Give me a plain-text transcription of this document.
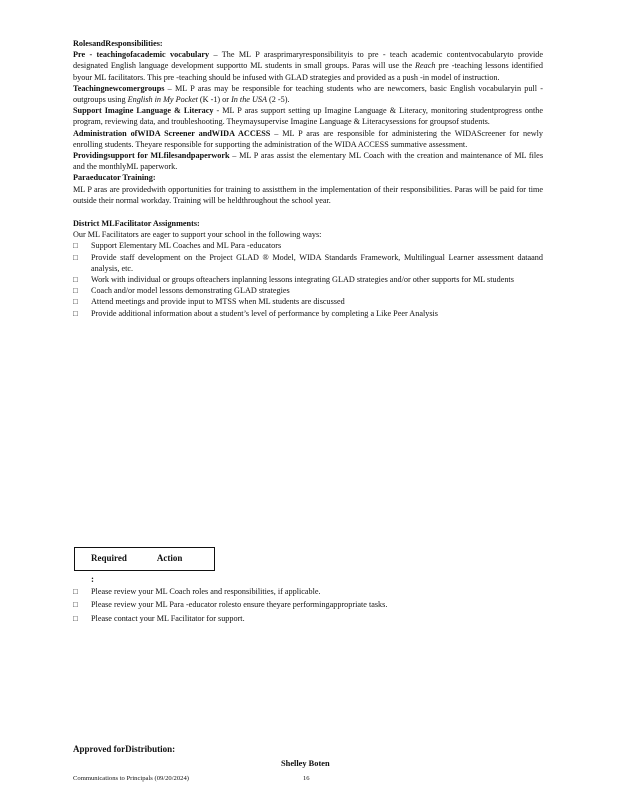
RolesandResponsibilities:

Pre - teachingofacademic vocabulary – The ML P arasprimaryresponsibilityis to pre - teach academic contentvocabularyto provide designated English language development supportto ML students in small groups. Paras will use the Reach pre -teaching lessons identified byour ML facilitators. This pre -teaching should be infused with GLAD strategies and provided as a push -in model of instruction.

Teachingnewcomergroups – ML P aras may be responsible for teaching students who are newcomers, basic English vocabularyin pull -outgroups using English in My Pocket (K -1) or In the USA (2 -5).

Support Imagine Language & Literacy - ML P aras support setting up Imagine Language & Literacy, monitoring studentprogress onthe program, reviewing data, and troubleshooting. Theymaysupervise Imagine Language & Literacysessions for groupsof students.

Administration ofWIDA Screener andWIDA ACCESS – ML P aras are responsible for administering the WIDAScreener for newly enrolling students. Theyare responsible for supporting the administration of the WIDA ACCESS summative assessment.

Providingsupport for MLfilesandpaperwork – ML P aras assist the elementary ML Coach with the creation and maintenance of ML files and the monthlyML paperwork.

Paraeducator Training:

ML P aras are providedwith opportunities for training to assistthem in the implementation of their responsibilities. Paras will be paid for time outside their normal workday. Training will be heldthroughout the school year.

District MLFacilitator Assignments:

Our ML Facilitators are eager to support your school in the following ways:

□ Support Elementary ML Coaches and ML Para -educators

□ Provide staff development on the Project GLAD ® Model, WIDA Standards Framework, Multilingual Learner assessment dataand analysis, etc.

□ Work with individual or groups ofteachers inplanning lessons integrating GLAD strategies and/or other supports for ML students

□ Coach and/or model lessons demonstrating GLAD strategies

□ Attend meetings and provide input to MTSS when ML students are discussed

□ Provide additional information about a student’s level of performance by completing a Like Peer Analysis

Required	Action:

□ Please review your ML Coach roles and responsibilities, if applicable.

□ Please review your ML Para -educator rolesto ensure theyare performingappropriate tasks.

□ Please contact your ML Facilitator for support.

Approved forDistribution:
Shelley Boten
Communications to Principals (09/20/2024)	16
